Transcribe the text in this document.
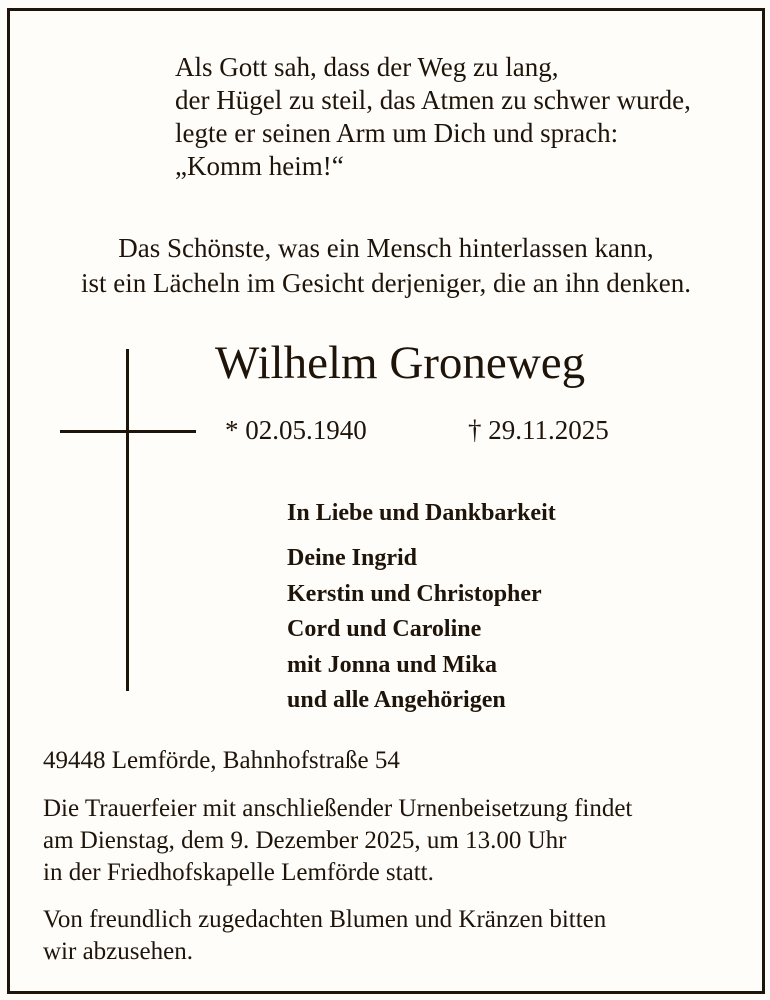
Als Gott sah, dass der Weg zu lang,
der Hügel zu steil, das Atmen zu schwer wurde,
legte er seinen Arm um Dich und sprach:
„Komm heim!“
Das Schönste, was ein Mensch hinterlassen kann,
ist ein Lächeln im Gesicht derjeniger, die an ihn denken.
Wilhelm Groneweg
* 02.05.1940	† 29.11.2025
In Liebe und Dankbarkeit
Deine Ingrid
Kerstin und Christopher
Cord und Caroline
mit Jonna und Mika
und alle Angehörigen
49448 Lemförde, Bahnhofstraße 54
Die Trauerfeier mit anschließender Urnenbeisetzung findet
am Dienstag, dem 9. Dezember 2025, um 13.00 Uhr
in der Friedhofskapelle Lemförde statt.
Von freundlich zugedachten Blumen und Kränzen bitten
wir abzusehen.
